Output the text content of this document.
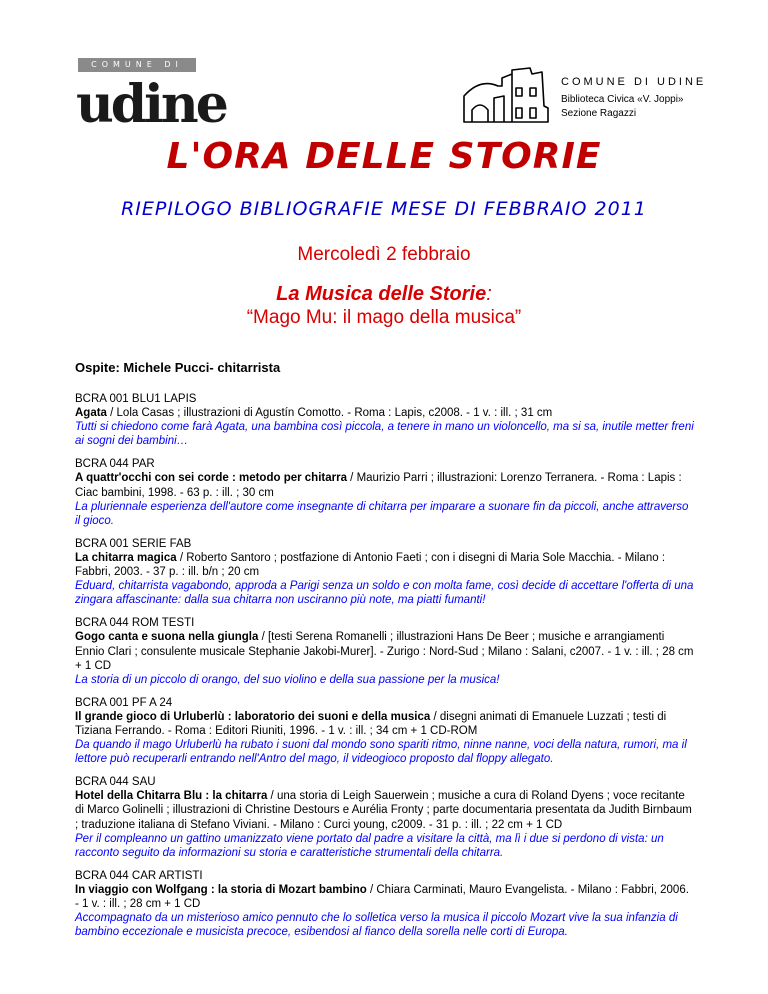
COMUNE DI
udine	COMUNE DI UDINE
Biblioteca Civica «V. Joppi»
Sezione Ragazzi
L'ORA DELLE STORIE
RIEPILOGO BIBLIOGRAFIE MESE DI FEBBRAIO 2011
Mercoledì 2 febbraio
La Musica delle Storie:
“Mago Mu: il mago della musica”
Ospite: Michele Pucci- chitarrista
BCRA 001 BLU1 LAPIS
Agata / Lola Casas ; illustrazioni di Agustín Comotto. - Roma : Lapis, c2008. - 1 v. : ill. ; 31 cm
Tutti si chiedono come farà Agata, una bambina così piccola, a tenere in mano un violoncello, ma si sa, inutile metter freni ai sogni dei bambini…
BCRA 044 PAR
A quattr'occhi con sei corde : metodo per chitarra / Maurizio Parri ; illustrazioni: Lorenzo Terranera. - Roma : Lapis : Ciac bambini, 1998. - 63 p. : ill. ; 30 cm
La pluriennale esperienza dell'autore come insegnante di chitarra per imparare a suonare fin da piccoli, anche attraverso il gioco.
BCRA 001 SERIE FAB
La chitarra magica / Roberto Santoro ; postfazione di Antonio Faeti ; con i disegni di Maria Sole Macchia. - Milano : Fabbri, 2003. - 37 p. : ill. b/n ; 20 cm
Eduard, chitarrista vagabondo, approda a Parigi senza un soldo e con molta fame, così decide di accettare l'offerta di una zingara affascinante: dalla sua chitarra non usciranno più note, ma piatti fumanti!
BCRA 044 ROM TESTI
Gogo canta e suona nella giungla / [testi Serena Romanelli ; illustrazioni Hans De Beer ; musiche e arrangiamenti Ennio Clari ; consulente musicale Stephanie Jakobi-Murer]. - Zurigo : Nord-Sud ; Milano : Salani, c2007. - 1 v. : ill. ; 28 cm + 1 CD
La storia di un piccolo di orango, del suo violino e della sua passione per la musica!
BCRA 001 PF A 24
Il grande gioco di Urluberlù : laboratorio dei suoni e della musica / disegni animati di Emanuele Luzzati ; testi di Tiziana Ferrando. - Roma : Editori Riuniti, 1996. - 1 v. : ill. ; 34 cm + 1 CD-ROM
Da quando il mago Urluberlù ha rubato i suoni dal mondo sono spariti ritmo, ninne nanne, voci della natura, rumori, ma il lettore può recuperarli entrando nell'Antro del mago, il videogioco proposto dal floppy allegato.
BCRA 044 SAU
Hotel della Chitarra Blu : la chitarra / una storia di Leigh Sauerwein ; musiche a cura di Roland Dyens ; voce recitante di Marco Golinelli ; illustrazioni di Christine Destours e Aurélia Fronty ; parte documentaria presentata da Judith Birnbaum ; traduzione italiana di Stefano Viviani. - Milano : Curci young, c2009. - 31 p. : ill. ; 22 cm + 1 CD
Per il compleanno un gattino umanizzato viene portato dal padre a visitare la città, ma lì i due si perdono di vista: un racconto seguito da informazioni su storia e caratteristiche strumentali della chitarra.
BCRA 044 CAR ARTISTI
In viaggio con Wolfgang : la storia di Mozart bambino / Chiara Carminati, Mauro Evangelista. - Milano : Fabbri, 2006. - 1 v. : ill. ; 28 cm + 1 CD
Accompagnato da un misterioso amico pennuto che lo solletica verso la musica il piccolo Mozart vive la sua infanzia di bambino eccezionale e musicista precoce, esibendosi al fianco della sorella nelle corti di Europa.
